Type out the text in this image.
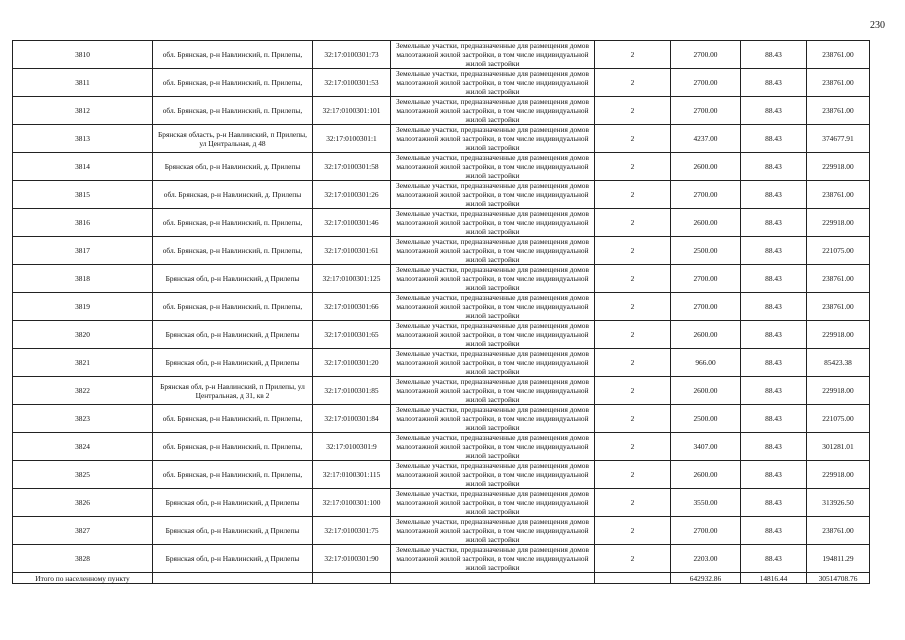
230
3810	обл. Брянская, р-н Навлинский, п. Прилепы,	32:17:0100301:73	Земельные участки, предназначенные для размещения домов малоэтажной жилой застройки, в том числе индивидуальной жилой застройки	2	2700.00	88.43	238761.00
3811	обл. Брянская, р-н Навлинский, п. Прилепы,	32:17:0100301:53	Земельные участки, предназначенные для размещения домов малоэтажной жилой застройки, в том числе индивидуальной жилой застройки	2	2700.00	88.43	238761.00
3812	обл. Брянская, р-н Навлинский, п. Прилепы,	32:17:0100301:101	Земельные участки, предназначенные для размещения домов малоэтажной жилой застройки, в том числе индивидуальной жилой застройки	2	2700.00	88.43	238761.00
3813	Брянская область, р-н Навлинский, п Прилепы, ул Центральная, д 48	32:17:0100301:1	Земельные участки, предназначенные для размещения домов малоэтажной жилой застройки, в том числе индивидуальной жилой застройки	2	4237.00	88.43	374677.91
3814	Брянская обл, р-н Навлинский, д. Прилепы	32:17:0100301:58	Земельные участки, предназначенные для размещения домов малоэтажной жилой застройки, в том числе индивидуальной жилой застройки	2	2600.00	88.43	229918.00
3815	обл. Брянская, р-н Навлинский, д. Прилепы	32:17:0100301:26	Земельные участки, предназначенные для размещения домов малоэтажной жилой застройки, в том числе индивидуальной жилой застройки	2	2700.00	88.43	238761.00
3816	обл. Брянская, р-н Навлинский, п. Прилепы,	32:17:0100301:46	Земельные участки, предназначенные для размещения домов малоэтажной жилой застройки, в том числе индивидуальной жилой застройки	2	2600.00	88.43	229918.00
3817	обл. Брянская, р-н Навлинский, п. Прилепы,	32:17:0100301:61	Земельные участки, предназначенные для размещения домов малоэтажной жилой застройки, в том числе индивидуальной жилой застройки	2	2500.00	88.43	221075.00
3818	Брянская обл, р-н Навлинский, д Прилепы	32:17:0100301:125	Земельные участки, предназначенные для размещения домов малоэтажной жилой застройки, в том числе индивидуальной жилой застройки	2	2700.00	88.43	238761.00
3819	обл. Брянская, р-н Навлинский, п. Прилепы,	32:17:0100301:66	Земельные участки, предназначенные для размещения домов малоэтажной жилой застройки, в том числе индивидуальной жилой застройки	2	2700.00	88.43	238761.00
3820	Брянская обл, р-н Навлинский, д Прилепы	32:17:0100301:65	Земельные участки, предназначенные для размещения домов малоэтажной жилой застройки, в том числе индивидуальной жилой застройки	2	2600.00	88.43	229918.00
3821	Брянская обл, р-н Навлинский, д Прилепы	32:17:0100301:20	Земельные участки, предназначенные для размещения домов малоэтажной жилой застройки, в том числе индивидуальной жилой застройки	2	966.00	88.43	85423.38
3822	Брянская обл, р-н Навлинский, п Прилепы, ул Центральная, д 31, кв 2	32:17:0100301:85	Земельные участки, предназначенные для размещения домов малоэтажной жилой застройки, в том числе индивидуальной жилой застройки	2	2600.00	88.43	229918.00
3823	обл. Брянская, р-н Навлинский, п. Прилепы,	32:17:0100301:84	Земельные участки, предназначенные для размещения домов малоэтажной жилой застройки, в том числе индивидуальной жилой застройки	2	2500.00	88.43	221075.00
3824	обл. Брянская, р-н Навлинский, п. Прилепы,	32:17:0100301:9	Земельные участки, предназначенные для размещения домов малоэтажной жилой застройки, в том числе индивидуальной жилой застройки	2	3407.00	88.43	301281.01
3825	обл. Брянская, р-н Навлинский, п. Прилепы,	32:17:0100301:115	Земельные участки, предназначенные для размещения домов малоэтажной жилой застройки, в том числе индивидуальной жилой застройки	2	2600.00	88.43	229918.00
3826	Брянская обл, р-н Навлинский, д Прилепы	32:17:0100301:100	Земельные участки, предназначенные для размещения домов малоэтажной жилой застройки, в том числе индивидуальной жилой застройки	2	3550.00	88.43	313926.50
3827	Брянская обл, р-н Навлинский, д Прилепы	32:17:0100301:75	Земельные участки, предназначенные для размещения домов малоэтажной жилой застройки, в том числе индивидуальной жилой застройки	2	2700.00	88.43	238761.00
3828	Брянская обл, р-н Навлинский, д Прилепы	32:17:0100301:90	Земельные участки, предназначенные для размещения домов малоэтажной жилой застройки, в том числе индивидуальной жилой застройки	2	2203.00	88.43	194811.29
Итого по населенному пункту					642932.86	14816.44	30514708.76
